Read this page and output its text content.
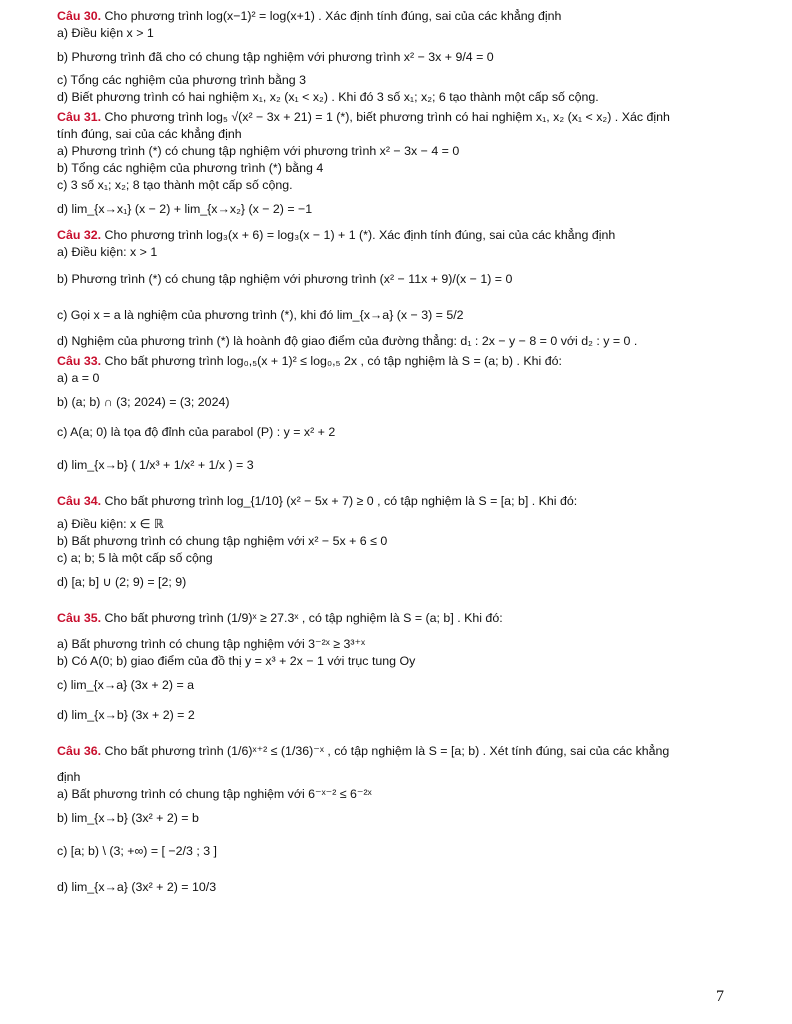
Câu 30. Cho phương trình log(x−1)² = log(x+1) . Xác định tính đúng, sai của các khẳng định
a) Điều kiện x > 1
b) Phương trình đã cho có chung tập nghiệm với phương trình x² − 3x + 9/4 = 0
c) Tổng các nghiệm của phương trình bằng 3
d) Biết phương trình có hai nghiệm x₁, x₂ (x₁ < x₂) . Khi đó 3 số x₁; x₂; 6 tạo thành một cấp số cộng.
Câu 31. Cho phương trình log₅ √(x² − 3x + 21) = 1 (*), biết phương trình có hai nghiệm x₁, x₂ (x₁ < x₂) . Xác định
tính đúng, sai của các khẳng định
a) Phương trình (*) có chung tập nghiệm với phương trình x² − 3x − 4 = 0
b) Tổng các nghiệm của phương trình (*) bằng 4
c) 3 số x₁; x₂; 8 tạo thành một cấp số cộng.
d) lim_{x→x₁} (x − 2) + lim_{x→x₂} (x − 2) = −1
Câu 32. Cho phương trình log₃(x + 6) = log₃(x − 1) + 1 (*). Xác định tính đúng, sai của các khẳng định
a) Điều kiện: x > 1
b) Phương trình (*) có chung tập nghiệm với phương trình (x² − 11x + 9)/(x − 1) = 0
c) Gọi x = a là nghiệm của phương trình (*), khi đó lim_{x→a} (x − 3) = 5/2
d) Nghiệm của phương trình (*) là hoành độ giao điểm của đường thẳng: d₁ : 2x − y − 8 = 0 với d₂ : y = 0 .
Câu 33. Cho bất phương trình log₀,₅(x + 1)² ≤ log₀,₅ 2x , có tập nghiệm là S = (a; b) . Khi đó:
a) a = 0
b) (a; b) ∩ (3; 2024) = (3; 2024)
c) A(a; 0) là tọa độ đỉnh của parabol (P) : y = x² + 2
d) lim_{x→b} ( 1/x³ + 1/x² + 1/x ) = 3
Câu 34. Cho bất phương trình log_{1/10} (x² − 5x + 7) ≥ 0 , có tập nghiệm là S = [a; b] . Khi đó:
a) Điều kiện: x ∈ ℝ
b) Bất phương trình có chung tập nghiệm với x² − 5x + 6 ≤ 0
c) a; b; 5 là một cấp số cộng
d) [a; b] ∪ (2; 9) = [2; 9)
Câu 35. Cho bất phương trình (1/9)ˣ ≥ 27.3ˣ , có tập nghiệm là S = (a; b] . Khi đó:
a) Bất phương trình có chung tập nghiệm với 3⁻²ˣ ≥ 3³⁺ˣ
b) Có A(0; b) giao điểm của đồ thị y = x³ + 2x − 1 với trục tung Oy
c) lim_{x→a} (3x + 2) = a
d) lim_{x→b} (3x + 2) = 2
Câu 36. Cho bất phương trình (1/6)ˣ⁺² ≤ (1/36)⁻ˣ , có tập nghiệm là S = [a; b) . Xét tính đúng, sai của các khẳng
định
a) Bất phương trình có chung tập nghiệm với 6⁻ˣ⁻² ≤ 6⁻²ˣ
b) lim_{x→b} (3x² + 2) = b
c) [a; b) \ (3; +∞) = [ −2/3 ; 3 ]
d) lim_{x→a} (3x² + 2) = 10/3
7
